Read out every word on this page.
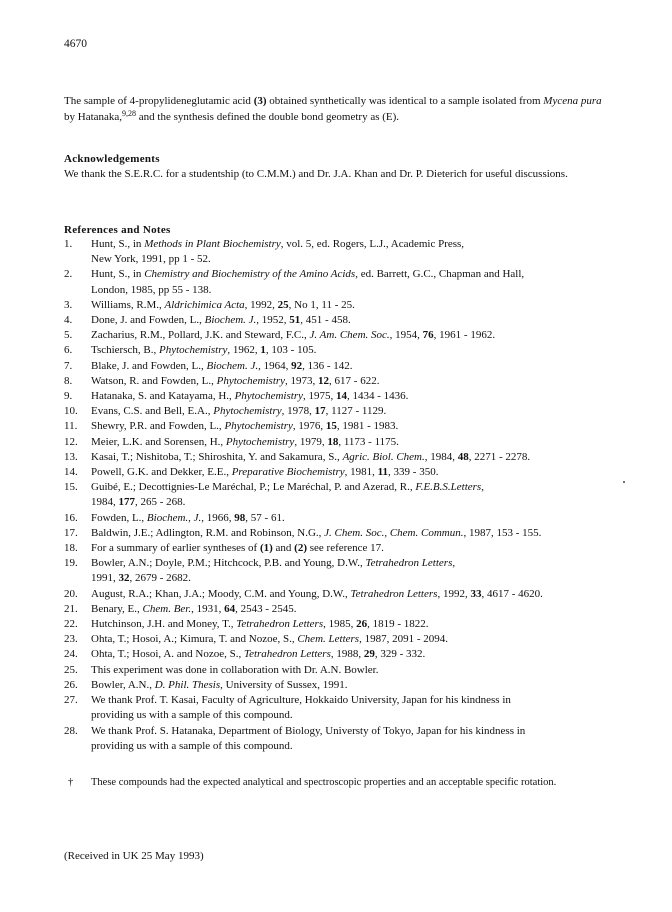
4670
The sample of 4-propylideneglutamic acid (3) obtained synthetically was identical to a sample isolated from Mycena pura by Hatanaka,$^{9,28}$ and the synthesis defined the double bond geometry as (E).
Acknowledgements
We thank the S.E.R.C. for a studentship (to C.M.M.) and Dr. J.A. Khan and Dr. P. Dieterich for useful discussions.
References and Notes
1. Hunt, S., in Methods in Plant Biochemistry, vol. 5, ed. Rogers, L.J., Academic Press,
New York, 1991, pp 1 - 52.
2. Hunt, S., in Chemistry and Biochemistry of the Amino Acids, ed. Barrett, G.C., Chapman and Hall,
London, 1985, pp 55 - 138.
3. Williams, R.M., Aldrichimica Acta, 1992, 25, No 1, 11 - 25.
4. Done, J. and Fowden, L., Biochem. J., 1952, 51, 451 - 458.
5. Zacharius, R.M., Pollard, J.K. and Steward, F.C., J. Am. Chem. Soc., 1954, 76, 1961 - 1962.
6. Tschiersch, B., Phytochemistry, 1962, 1, 103 - 105.
7. Blake, J. and Fowden, L., Biochem. J., 1964, 92, 136 - 142.
8. Watson, R. and Fowden, L., Phytochemistry, 1973, 12, 617 - 622.
9. Hatanaka, S. and Katayama, H., Phytochemistry, 1975, 14, 1434 - 1436.
10. Evans, C.S. and Bell, E.A., Phytochemistry, 1978, 17, 1127 - 1129.
11. Shewry, P.R. and Fowden, L., Phytochemistry, 1976, 15, 1981 - 1983.
12. Meier, L.K. and Sorensen, H., Phytochemistry, 1979, 18, 1173 - 1175.
13. Kasai, T.; Nishitoba, T.; Shiroshita, Y. and Sakamura, S., Agric. Biol. Chem., 1984, 48, 2271 - 2278.
14. Powell, G.K. and Dekker, E.E., Preparative Biochemistry, 1981, 11, 339 - 350.
15. Guibé, E.; Decottignies-Le Maréchal, P.; Le Maréchal, P. and Azerad, R., F.E.B.S.Letters,
1984, 177, 265 - 268.
16. Fowden, L., Biochem., J., 1966, 98, 57 - 61.
17. Baldwin, J.E.; Adlington, R.M. and Robinson, N.G., J. Chem. Soc., Chem. Commun., 1987, 153 - 155.
18. For a summary of earlier syntheses of (1) and (2) see reference 17.
19. Bowler, A.N.; Doyle, P.M.; Hitchcock, P.B. and Young, D.W., Tetrahedron Letters,
1991, 32, 2679 - 2682.
20. August, R.A.; Khan, J.A.; Moody, C.M. and Young, D.W., Tetrahedron Letters, 1992, 33, 4617 - 4620.
21. Benary, E., Chem. Ber., 1931, 64, 2543 - 2545.
22. Hutchinson, J.H. and Money, T., Tetrahedron Letters, 1985, 26, 1819 - 1822.
23. Ohta, T.; Hosoi, A.; Kimura, T. and Nozoe, S., Chem. Letters, 1987, 2091 - 2094.
24. Ohta, T.; Hosoi, A. and Nozoe, S., Tetrahedron Letters, 1988, 29, 329 - 332.
25. This experiment was done in collaboration with Dr. A.N. Bowler.
26. Bowler, A.N., D. Phil. Thesis, University of Sussex, 1991.
27. We thank Prof. T. Kasai, Faculty of Agriculture, Hokkaido University, Japan for his kindness in
providing us with a sample of this compound.
28. We thank Prof. S. Hatanaka, Department of Biology, Universty of Tokyo, Japan for his kindness in
providing us with a sample of this compound.
†	These compounds had the expected analytical and spectroscopic properties and an acceptable specific rotation.
(Received in UK 25 May 1993)
